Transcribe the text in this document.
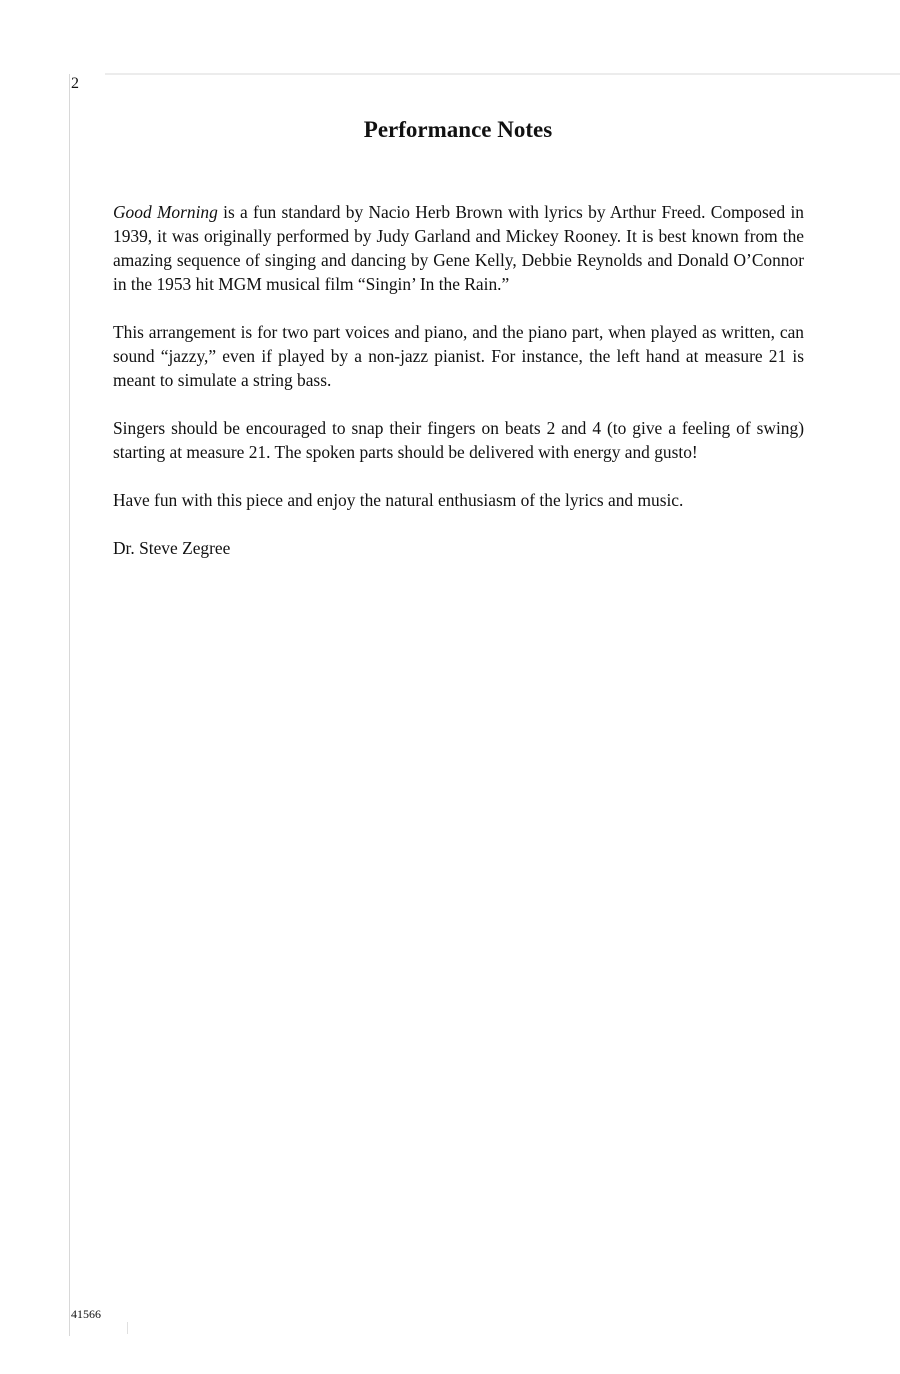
2
Performance Notes

Good Morning is a fun standard by Nacio Herb Brown with lyrics by Arthur Freed. Composed in 1939, it was originally performed by Judy Garland and Mickey Rooney. It is best known from the amazing sequence of singing and dancing by Gene Kelly, Debbie Reynolds and Donald O’Connor in the 1953 hit MGM musical film “Singin’ In the Rain.”

This arrangement is for two part voices and piano, and the piano part, when played as written, can sound “jazzy,” even if played by a non-jazz pianist. For instance, the left hand at measure 21 is meant to simulate a string bass.

Singers should be encouraged to snap their fingers on beats 2 and 4 (to give a feeling of swing) starting at measure 21. The spoken parts should be delivered with energy and gusto!

Have fun with this piece and enjoy the natural enthusiasm of the lyrics and music.

Dr. Steve Zegree

41566
